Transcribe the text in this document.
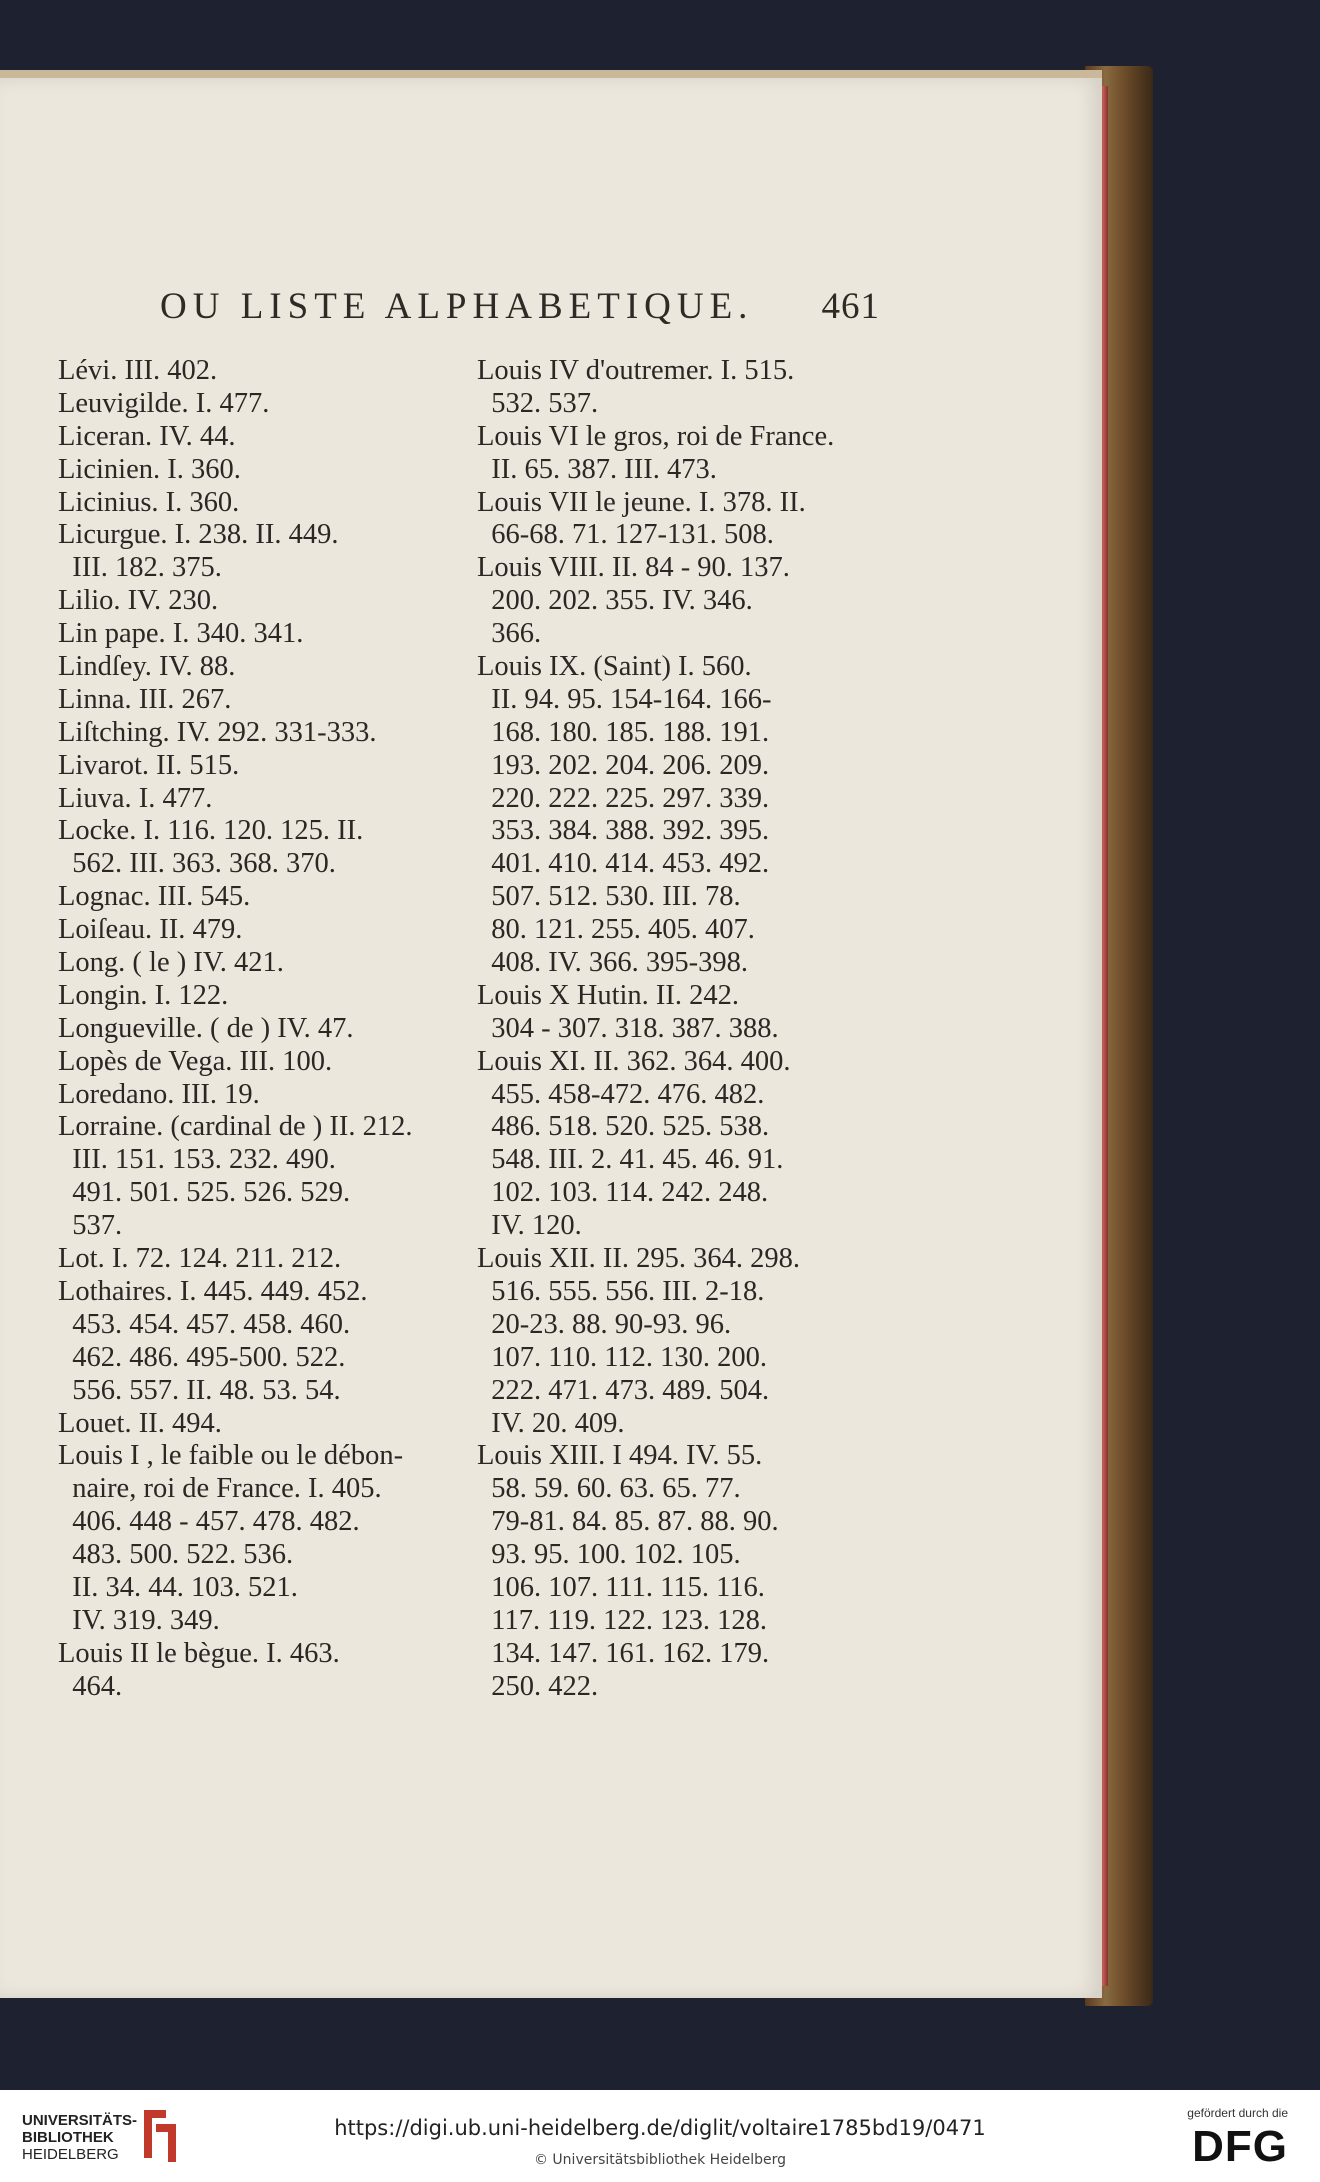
OU LISTE ALPHABETIQUE. 461
Lévi. III. 402.
Leuvigilde. I. 477.
Liceran. IV. 44.
Licinien. I. 360.
Licinius. I. 360.
Licurgue. I. 238. II. 449.
III. 182. 375.
Lilio. IV. 230.
Lin pape. I. 340. 341.
Lindſey. IV. 88.
Linna. III. 267.
Liſtching. IV. 292. 331-333.
Livarot. II. 515.
Liuva. I. 477.
Locke. I. 116. 120. 125. II.
562. III. 363. 368. 370.
Lognac. III. 545.
Loiſeau. II. 479.
Long. ( le ) IV. 421.
Longin. I. 122.
Longueville. ( de ) IV. 47.
Lopès de Vega. III. 100.
Loredano. III. 19.
Lorraine. (cardinal de ) II. 212.
III. 151. 153. 232. 490.
491. 501. 525. 526. 529.
537.
Lot. I. 72. 124. 211. 212.
Lothaires. I. 445. 449. 452.
453. 454. 457. 458. 460.
462. 486. 495-500. 522.
556. 557. II. 48. 53. 54.
Louet. II. 494.
Louis I , le faible ou le débon-
naire, roi de France. I. 405.
406. 448 - 457. 478. 482.
483. 500. 522. 536.
II. 34. 44. 103. 521.
IV. 319. 349.
Louis II le bègue. I. 463.
464.
Louis IV d'outremer. I. 515.
532. 537.
Louis VI le gros, roi de France.
II. 65. 387. III. 473.
Louis VII le jeune. I. 378. II.
66-68. 71. 127-131. 508.
Louis VIII. II. 84 - 90. 137.
200. 202. 355. IV. 346.
366.
Louis IX. (Saint) I. 560.
II. 94. 95. 154-164. 166-
168. 180. 185. 188. 191.
193. 202. 204. 206. 209.
220. 222. 225. 297. 339.
353. 384. 388. 392. 395.
401. 410. 414. 453. 492.
507. 512. 530. III. 78.
80. 121. 255. 405. 407.
408. IV. 366. 395-398.
Louis X Hutin. II. 242.
304 - 307. 318. 387. 388.
Louis XI. II. 362. 364. 400.
455. 458-472. 476. 482.
486. 518. 520. 525. 538.
548. III. 2. 41. 45. 46. 91.
102. 103. 114. 242. 248.
IV. 120.
Louis XII. II. 295. 364. 298.
516. 555. 556. III. 2-18.
20-23. 88. 90-93. 96.
107. 110. 112. 130. 200.
222. 471. 473. 489. 504.
IV. 20. 409.
Louis XIII. I 494. IV. 55.
58. 59. 60. 63. 65. 77.
79-81. 84. 85. 87. 88. 90.
93. 95. 100. 102. 105.
106. 107. 111. 115. 116.
117. 119. 122. 123. 128.
134. 147. 161. 162. 179.
250. 422.
UNIVERSITÄTS-
BIBLIOTHEK
HEIDELBERG
https://digi.ub.uni-heidelberg.de/diglit/voltaire1785bd19/0471
© Universitätsbibliothek Heidelberg
gefördert durch die
DFG
